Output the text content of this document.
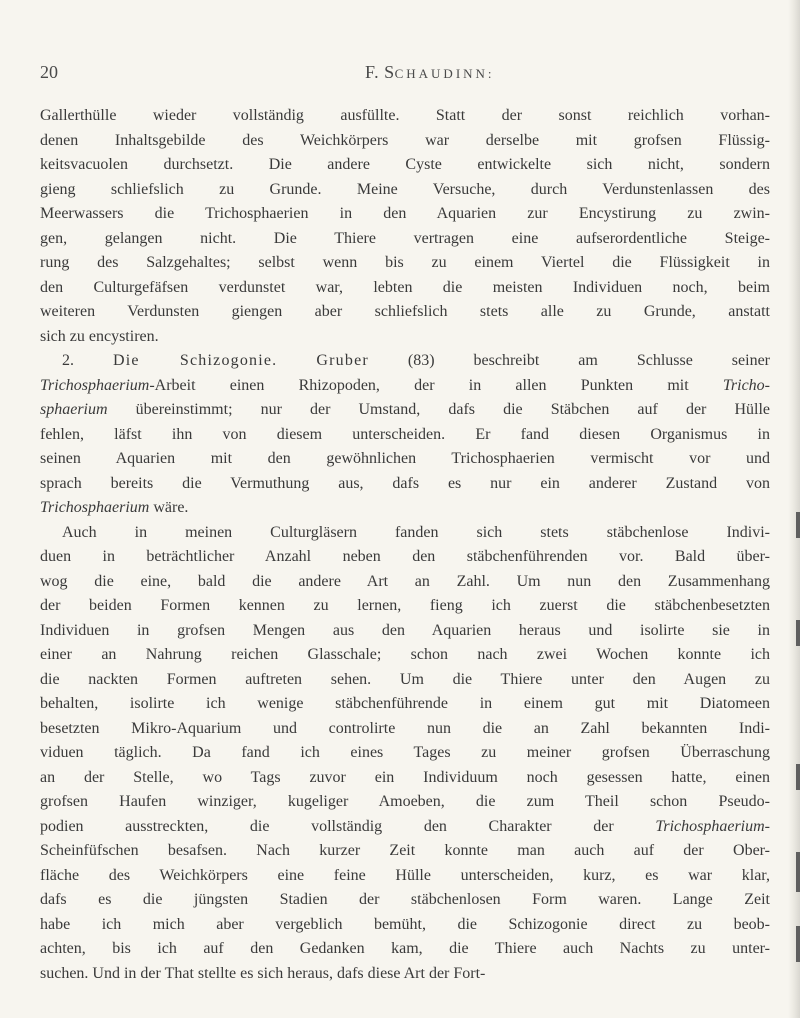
20	F. SCHAUDINN:
Gallerthülle wieder vollständig ausfüllte. Statt der sonst reichlich vorhan-
denen Inhaltsgebilde des Weichkörpers war derselbe mit grofsen Flüssig-
keitsvacuolen durchsetzt. Die andere Cyste entwickelte sich nicht, sondern
gieng schliefslich zu Grunde. Meine Versuche, durch Verdunstenlassen des
Meerwassers die Trichosphaerien in den Aquarien zur Encystirung zu zwin-
gen, gelangen nicht. Die Thiere vertragen eine aufserordentliche Steige-
rung des Salzgehaltes; selbst wenn bis zu einem Viertel die Flüssigkeit in
den Culturgefäfsen verdunstet war, lebten die meisten Individuen noch, beim
weiteren Verdunsten giengen aber schliefslich stets alle zu Grunde, anstatt
sich zu encystiren.
2. Die Schizogonie. Gruber (83) beschreibt am Schlusse seiner
Trichosphaerium-Arbeit einen Rhizopoden, der in allen Punkten mit Tricho-
sphaerium übereinstimmt; nur der Umstand, dafs die Stäbchen auf der Hülle
fehlen, läfst ihn von diesem unterscheiden. Er fand diesen Organismus in
seinen Aquarien mit den gewöhnlichen Trichosphaerien vermischt vor und
sprach bereits die Vermuthung aus, dafs es nur ein anderer Zustand von
Trichosphaerium wäre.
Auch in meinen Culturgläsern fanden sich stets stäbchenlose Indivi-
duen in beträchtlicher Anzahl neben den stäbchenführenden vor. Bald über-
wog die eine, bald die andere Art an Zahl. Um nun den Zusammenhang
der beiden Formen kennen zu lernen, fieng ich zuerst die stäbchenbesetzten
Individuen in grofsen Mengen aus den Aquarien heraus und isolirte sie in
einer an Nahrung reichen Glasschale; schon nach zwei Wochen konnte ich
die nackten Formen auftreten sehen. Um die Thiere unter den Augen zu
behalten, isolirte ich wenige stäbchenführende in einem gut mit Diatomeen
besetzten Mikro-Aquarium und controlirte nun die an Zahl bekannten Indi-
viduen täglich. Da fand ich eines Tages zu meiner grofsen Überraschung
an der Stelle, wo Tags zuvor ein Individuum noch gesessen hatte, einen
grofsen Haufen winziger, kugeliger Amoeben, die zum Theil schon Pseudo-
podien ausstreckten, die vollständig den Charakter der Trichosphaerium-
Scheinfüfschen besafsen. Nach kurzer Zeit konnte man auch auf der Ober-
fläche des Weichkörpers eine feine Hülle unterscheiden, kurz, es war klar,
dafs es die jüngsten Stadien der stäbchenlosen Form waren. Lange Zeit
habe ich mich aber vergeblich bemüht, die Schizogonie direct zu beob-
achten, bis ich auf den Gedanken kam, die Thiere auch Nachts zu unter-
suchen. Und in der That stellte es sich heraus, dafs diese Art der Fort-
